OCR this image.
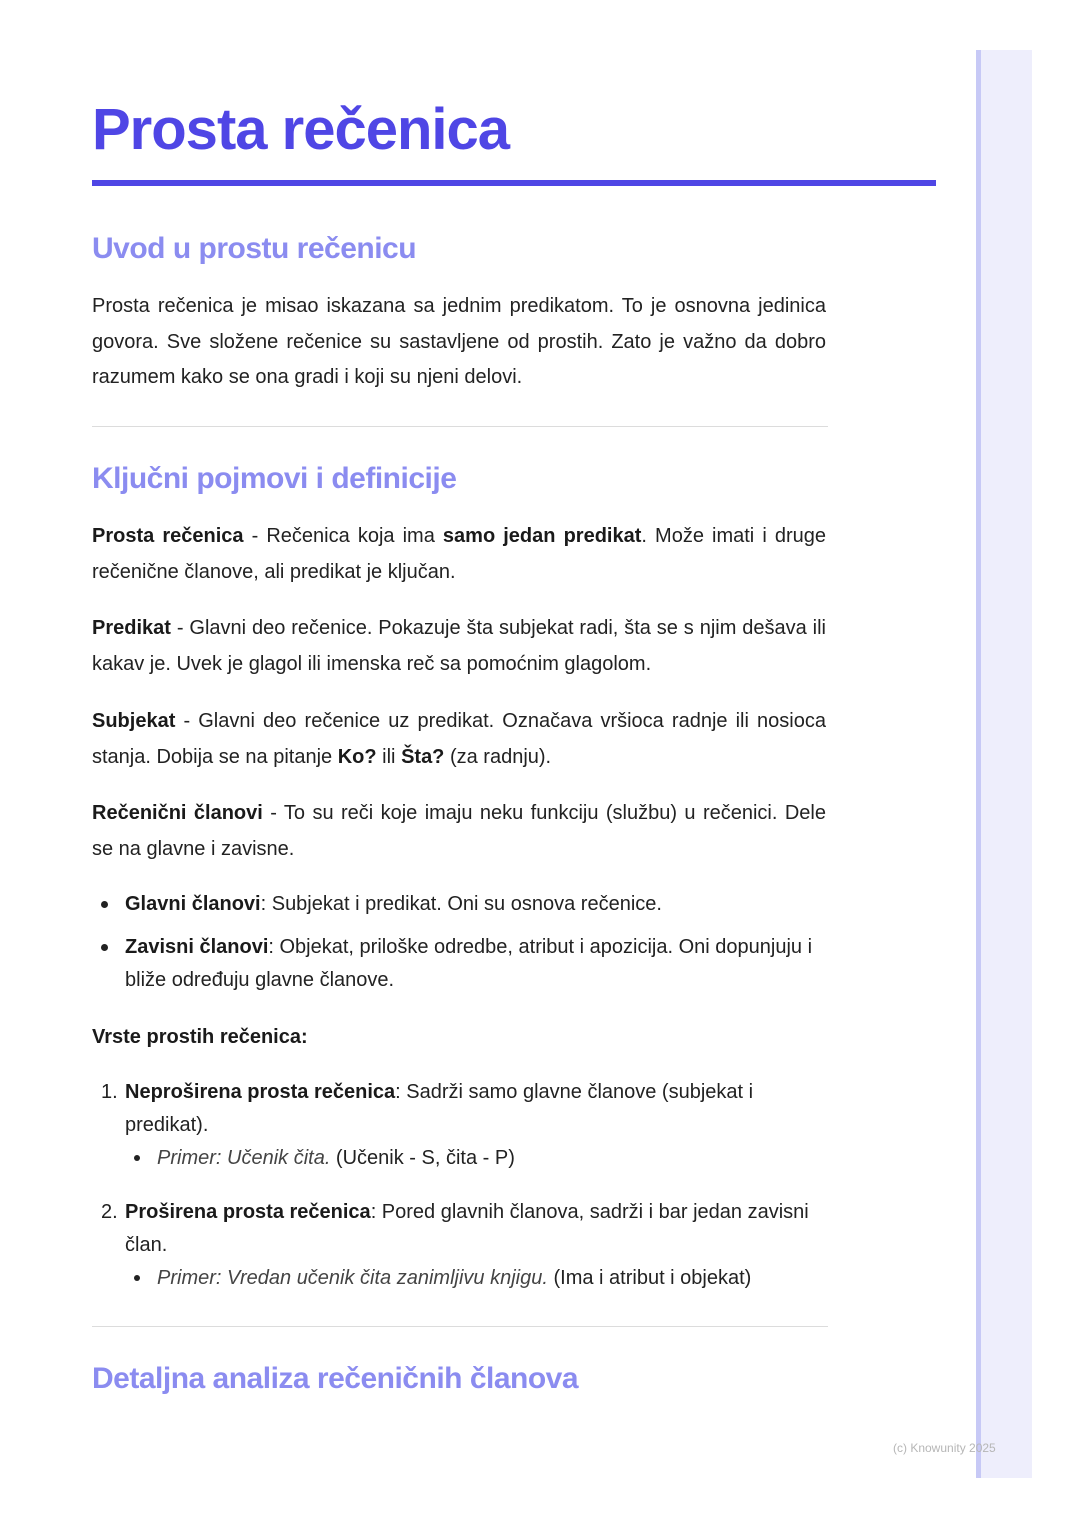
(c) Knowunity 2025
Prosta rečenica
Uvod u prostu rečenicu

Prosta rečenica je misao iskazana sa jednim predikatom. To je osnovna jedinica govora. Sve složene rečenice su sastavljene od prostih. Zato je važno da dobro razumem kako se ona gradi i koji su njeni delovi.

Ključni pojmovi i definicije
Prosta rečenica - Rečenica koja ima samo jedan predikat. Može imati i druge rečenične članove, ali predikat je ključan.
Predikat - Glavni deo rečenice. Pokazuje šta subjekat radi, šta se s njim dešava ili kakav je. Uvek je glagol ili imenska reč sa pomoćnim glagolom.
Subjekat - Glavni deo rečenice uz predikat. Označava vršioca radnje ili nosioca stanja. Dobija se na pitanje Ko? ili Šta? (za radnju).
Rečenični članovi - To su reči koje imaju neku funkciju (službu) u rečenici. Dele se na glavne i zavisne.
Glavni članovi: Subjekat i predikat. Oni su osnova rečenice.
Zavisni članovi: Objekat, priloške odredbe, atribut i apozicija. Oni dopunjuju i bliže određuju glavne članove.
Vrste prostih rečenica:
1. Neproširena prosta rečenica: Sadrži samo glavne članove (subjekat i predikat).
Primer: Učenik čita. (Učenik - S, čita - P)
2. Proširena prosta rečenica: Pored glavnih članova, sadrži i bar jedan zavisni član.
Primer: Vredan učenik čita zanimljivu knjigu. (Ima i atribut i objekat)
Detaljna analiza rečeničnih članova
